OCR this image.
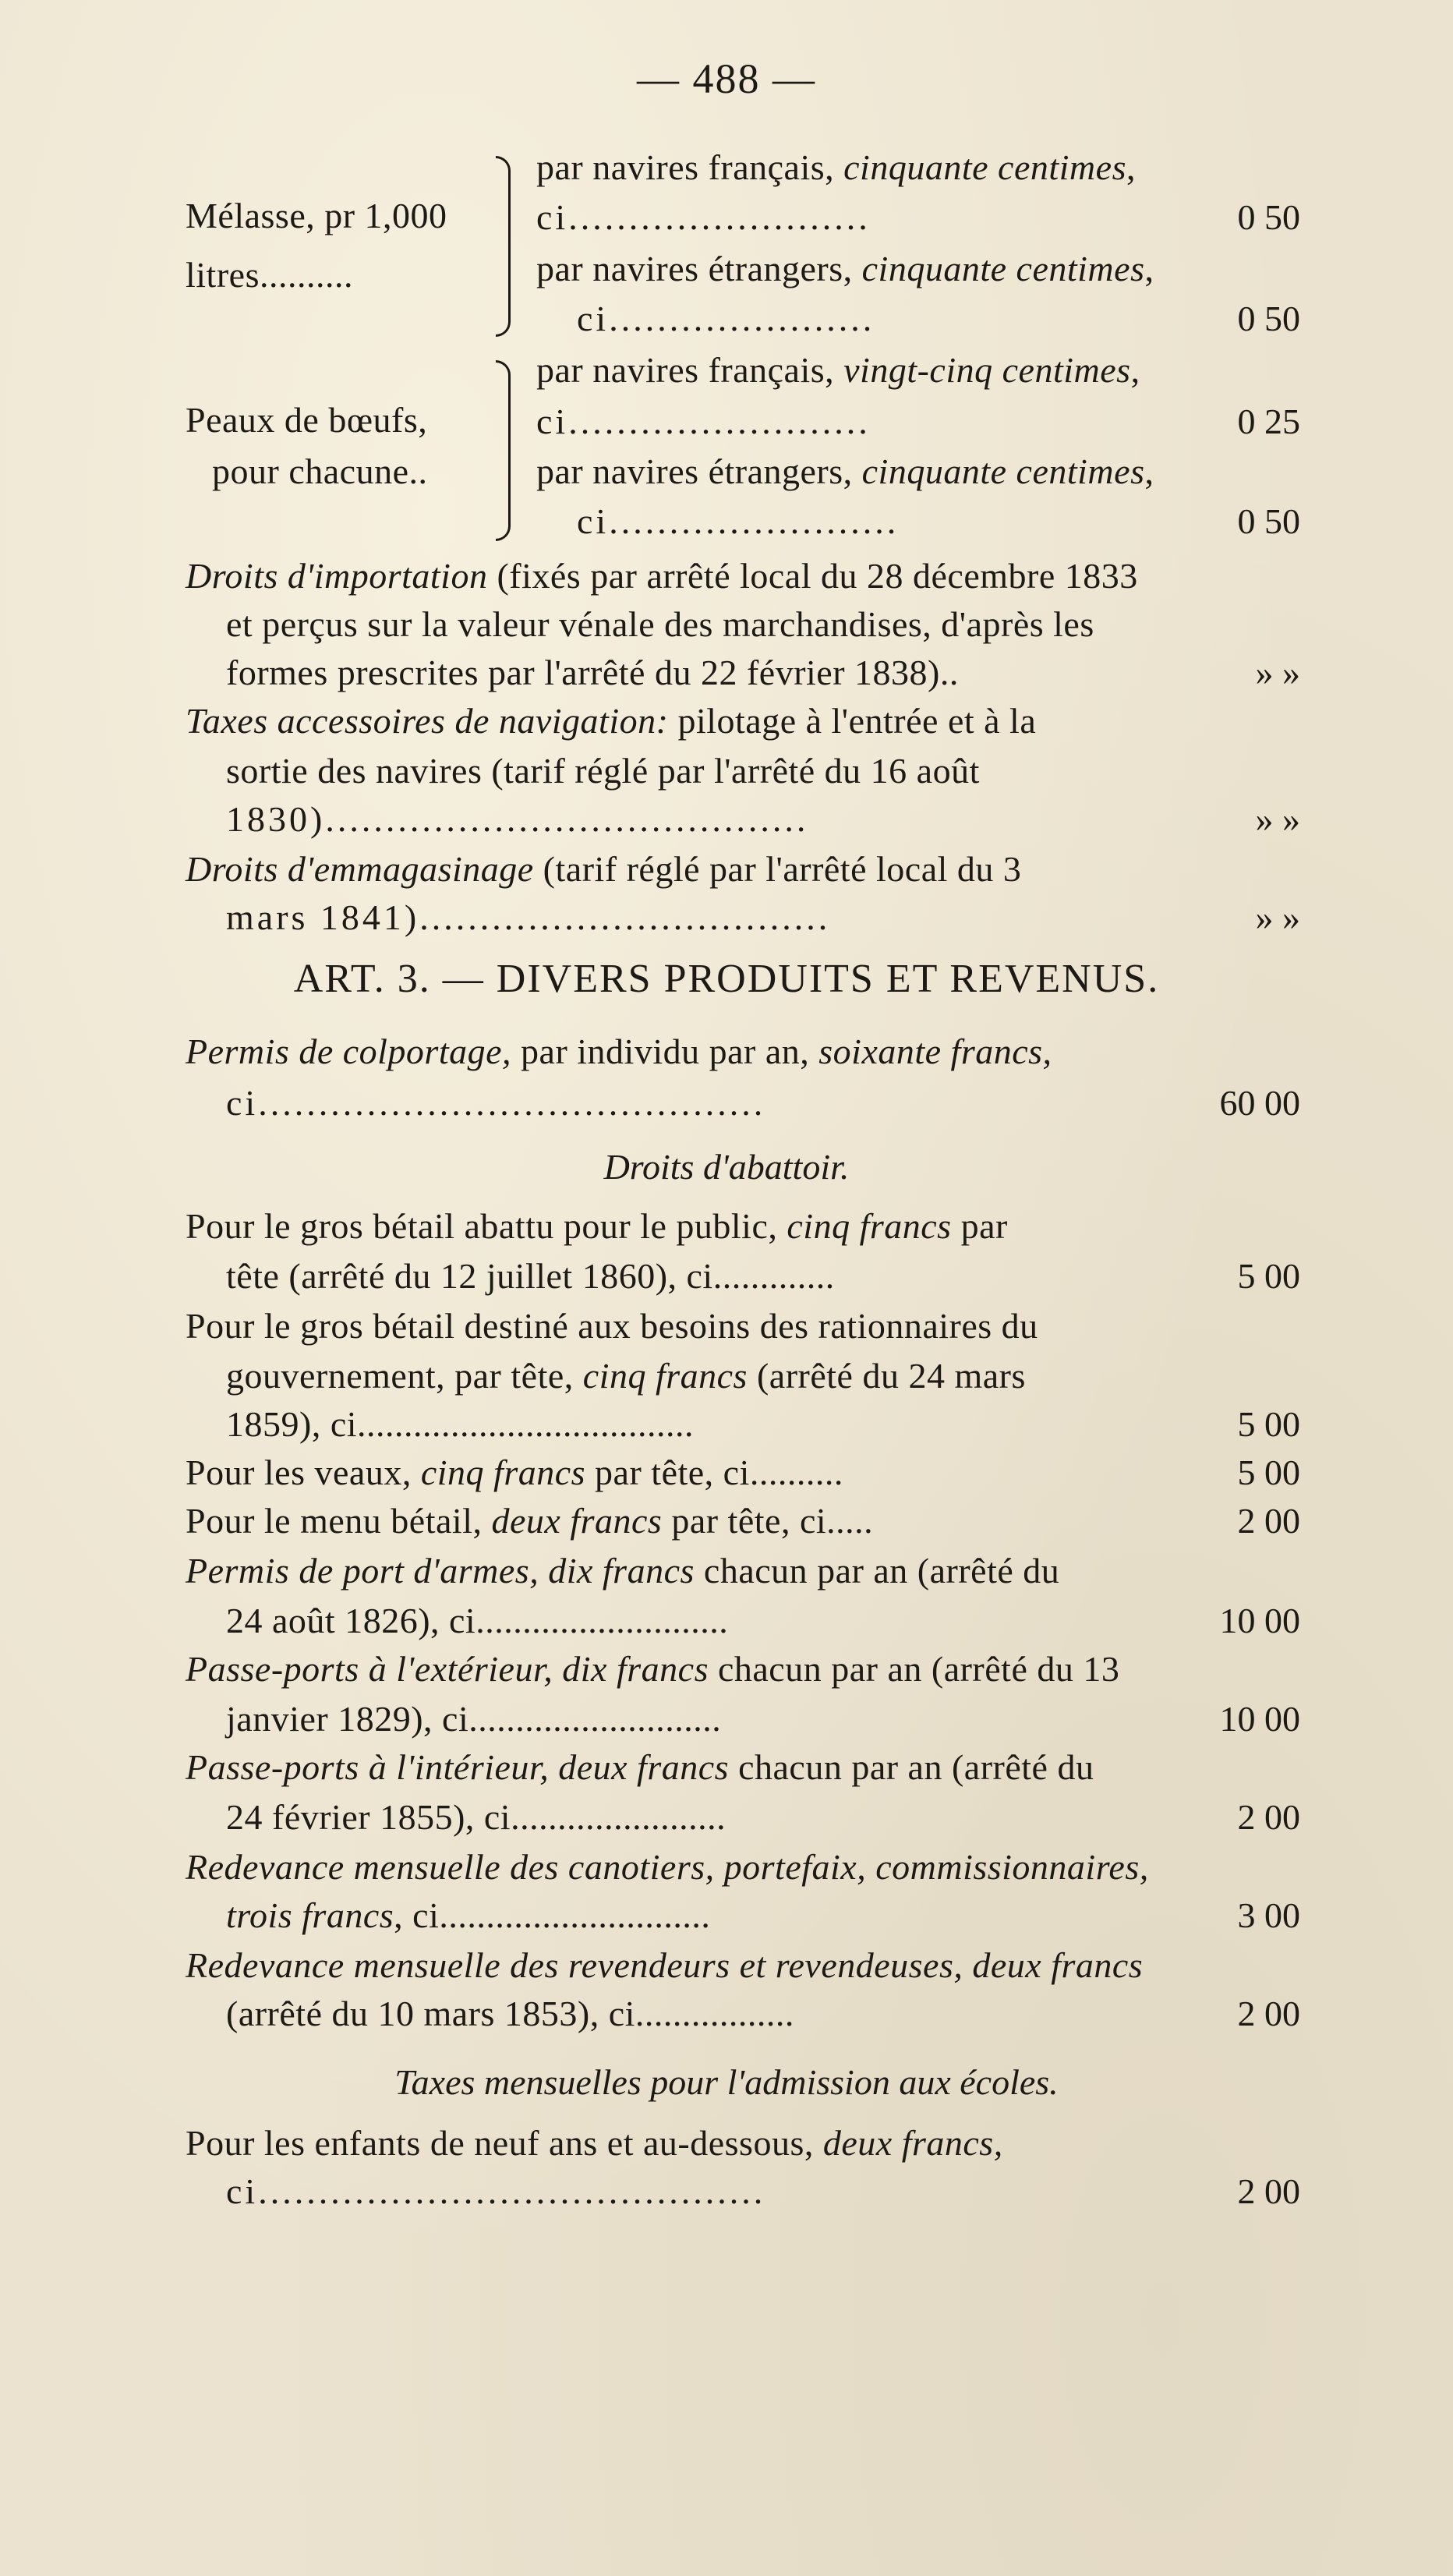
— 488 —
Mélasse, pr 1,000
litres..........
par navires français, cinquante centimes,
ci.........................	0 50
par navires étrangers, cinquante centimes,
ci......................	0 50
Peaux de bœufs,
pour chacune..
par navires français, vingt-cinq centimes,
ci.........................	0 25
par navires étrangers, cinquante centimes,
ci........................	0 50
Droits d'importation (fixés par arrêté local du 28 décembre 1833
et perçus sur la valeur vénale des marchandises, d'après les
formes prescrites par l'arrêté du 22 février 1838)..	» »
Taxes accessoires de navigation: pilotage à l'entrée et à la
sortie des navires (tarif réglé par l'arrêté du 16 août
1830)........................................	» »
Droits d'emmagasinage (tarif réglé par l'arrêté local du 3
mars 1841)..................................	» »
ART. 3. — DIVERS PRODUITS ET REVENUS.
Permis de colportage, par individu par an, soixante francs,
ci..........................................	60 00
Droits d'abattoir.
Pour le gros bétail abattu pour le public, cinq francs par
tête (arrêté du 12 juillet 1860), ci.............	5 00
Pour le gros bétail destiné aux besoins des rationnaires du
gouvernement, par tête, cinq francs (arrêté du 24 mars
1859), ci....................................	5 00
Pour les veaux, cinq francs par tête, ci..........	5 00
Pour le menu bétail, deux francs par tête, ci.....	2 00
Permis de port d'armes, dix francs chacun par an (arrêté du
24 août 1826), ci...........................	10 00
Passe-ports à l'extérieur, dix francs chacun par an (arrêté du 13
janvier 1829), ci...........................	10 00
Passe-ports à l'intérieur, deux francs chacun par an (arrêté du
24 février 1855), ci.......................	2 00
Redevance mensuelle des canotiers, portefaix, commissionnaires,
trois francs, ci.............................	3 00
Redevance mensuelle des revendeurs et revendeuses, deux francs
(arrêté du 10 mars 1853), ci.................	2 00
Taxes mensuelles pour l'admission aux écoles.
Pour les enfants de neuf ans et au-dessous, deux francs,
ci..........................................	2 00
